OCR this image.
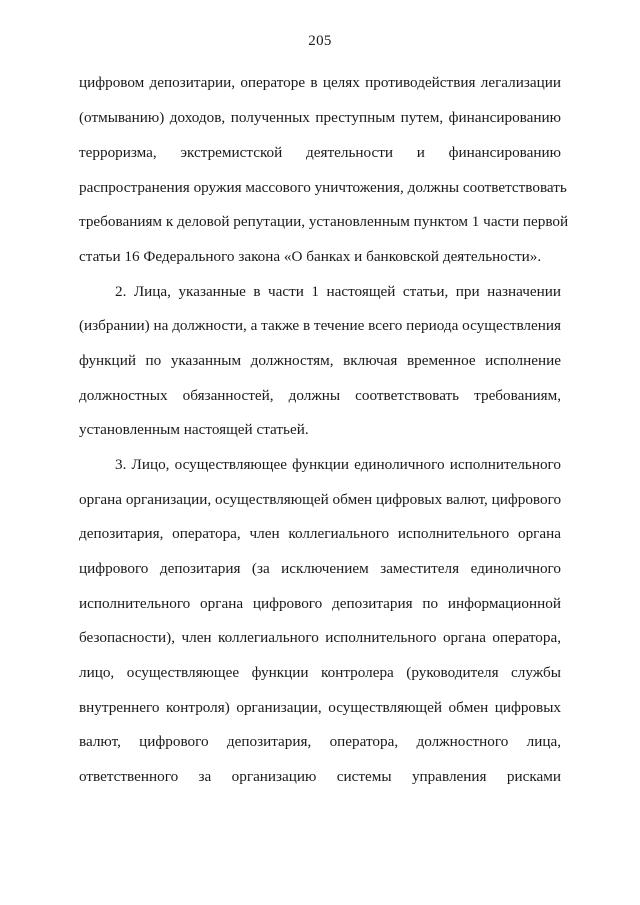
205
цифровом депозитарии, операторе в целях противодействия легализации
(отмыванию) доходов, полученных преступным путем, финансированию
терроризма, экстремистской деятельности и финансированию
распространения оружия массового уничтожения, должны соответствовать
требованиям к деловой репутации, установленным пунктом 1 части первой
статьи 16 Федерального закона «О банках и банковской деятельности».
2. Лица, указанные в части 1 настоящей статьи, при назначении
(избрании) на должности, а также в течение всего периода осуществления
функций по указанным должностям, включая временное исполнение
должностных обязанностей, должны соответствовать требованиям,
установленным настоящей статьей.
3. Лицо, осуществляющее функции единоличного исполнительного
органа организации, осуществляющей обмен цифровых валют, цифрового
депозитария, оператора, член коллегиального исполнительного органа
цифрового депозитария (за исключением заместителя единоличного
исполнительного органа цифрового депозитария по информационной
безопасности), член коллегиального исполнительного органа оператора,
лицо, осуществляющее функции контролера (руководителя службы
внутреннего контроля) организации, осуществляющей обмен цифровых
валют, цифрового депозитария, оператора, должностного лица,
ответственного за организацию системы управления рисками
